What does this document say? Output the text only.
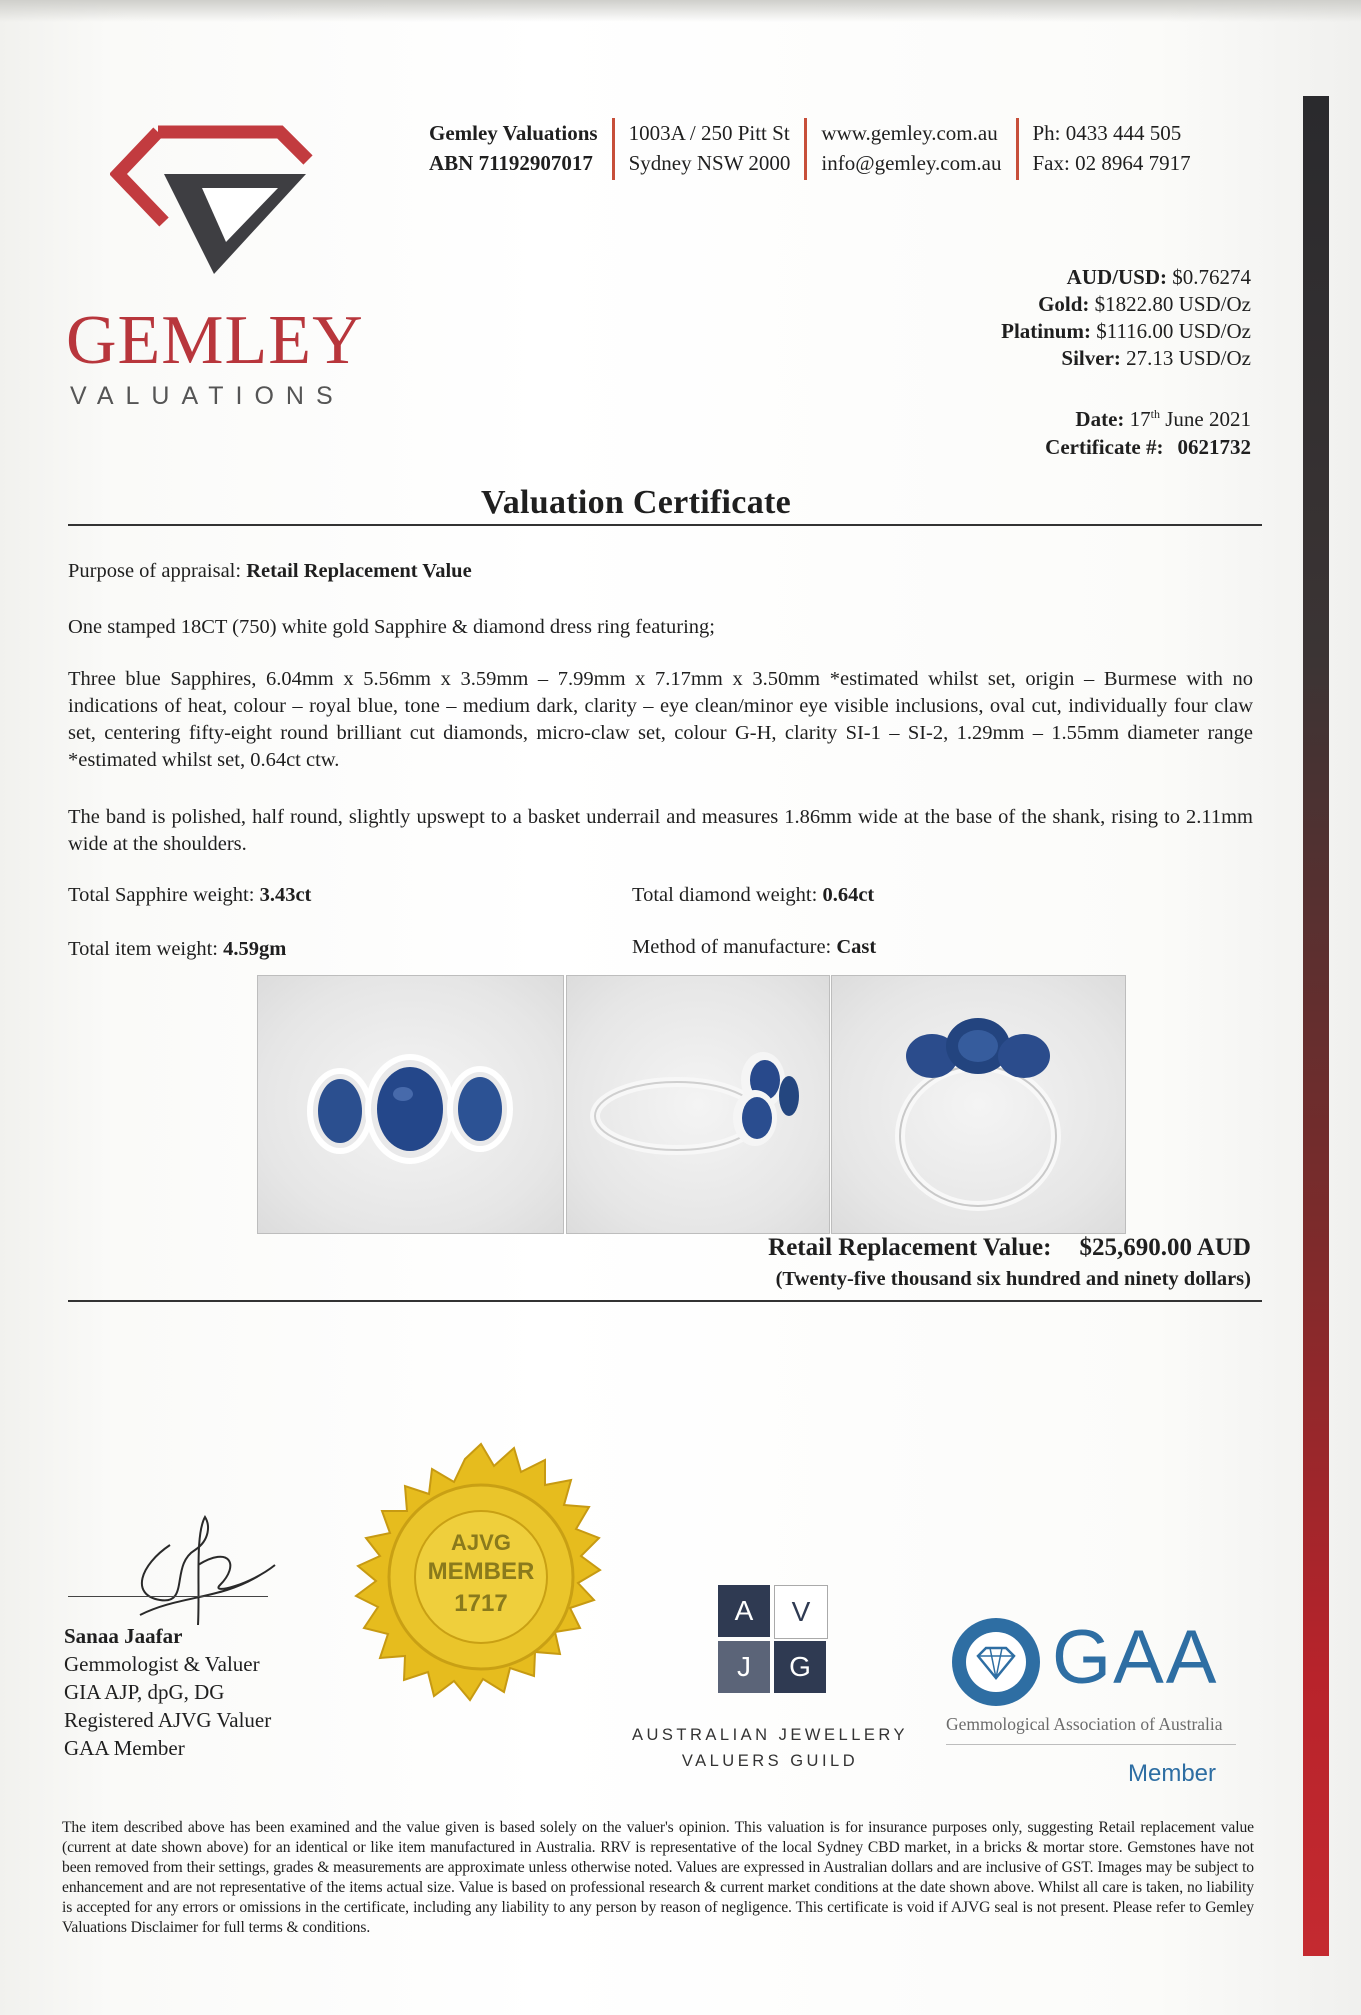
GEMLEY
VALUATIONS
Gemley Valuations
ABN 71192907017
1003A / 250 Pitt St
Sydney NSW 2000
www.gemley.com.au
info@gemley.com.au
Ph: 0433 444 505
Fax: 02 8964 7917
AUD/USD: $0.76274
Gold: $1822.80 USD/Oz
Platinum: $1116.00 USD/Oz
Silver: 27.13 USD/Oz
Date: 17th June 2021
Certificate #: 0621732
Valuation Certificate
Purpose of appraisal: Retail Replacement Value
One stamped 18CT (750) white gold Sapphire & diamond dress ring featuring;
Three blue Sapphires, 6.04mm x 5.56mm x 3.59mm – 7.99mm x 7.17mm x 3.50mm *estimated whilst set, origin – Burmese with no indications of heat, colour – royal blue, tone – medium dark, clarity – eye clean/minor eye visible inclusions, oval cut, individually four claw set, centering fifty-eight round brilliant cut diamonds, micro-claw set, colour G-H, clarity SI-1 – SI-2, 1.29mm – 1.55mm diameter range *estimated whilst set, 0.64ct ctw.
The band is polished, half round, slightly upswept to a basket underrail and measures 1.86mm wide at the base of the shank, rising to 2.11mm wide at the shoulders.
Total Sapphire weight: 3.43ct	Total diamond weight: 0.64ct
Total item weight: 4.59gm	Method of manufacture: Cast
Retail Replacement Value: $25,690.00 AUD
(Twenty-five thousand six hundred and ninety dollars)
Sanaa Jaafar
Gemmologist & Valuer
GIA AJP, dpG, DG
Registered AJVG Valuer
GAA Member
AJVG
MEMBER
1717	A	V
J	G
AUSTRALIAN JEWELLERY
VALUERS GUILD
GAA
Gemmological Association of Australia
Member
The item described above has been examined and the value given is based solely on the valuer's opinion. This valuation is for insurance purposes only, suggesting Retail replacement value (current at date shown above) for an identical or like item manufactured in Australia. RRV is representative of the local Sydney CBD market, in a bricks & mortar store. Gemstones have not been removed from their settings, grades & measurements are approximate unless otherwise noted. Values are expressed in Australian dollars and are inclusive of GST. Images may be subject to enhancement and are not representative of the items actual size. Value is based on professional research & current market conditions at the date shown above. Whilst all care is taken, no liability is accepted for any errors or omissions in the certificate, including any liability to any person by reason of negligence. This certificate is void if AJVG seal is not present. Please refer to Gemley Valuations Disclaimer for full terms & conditions.
